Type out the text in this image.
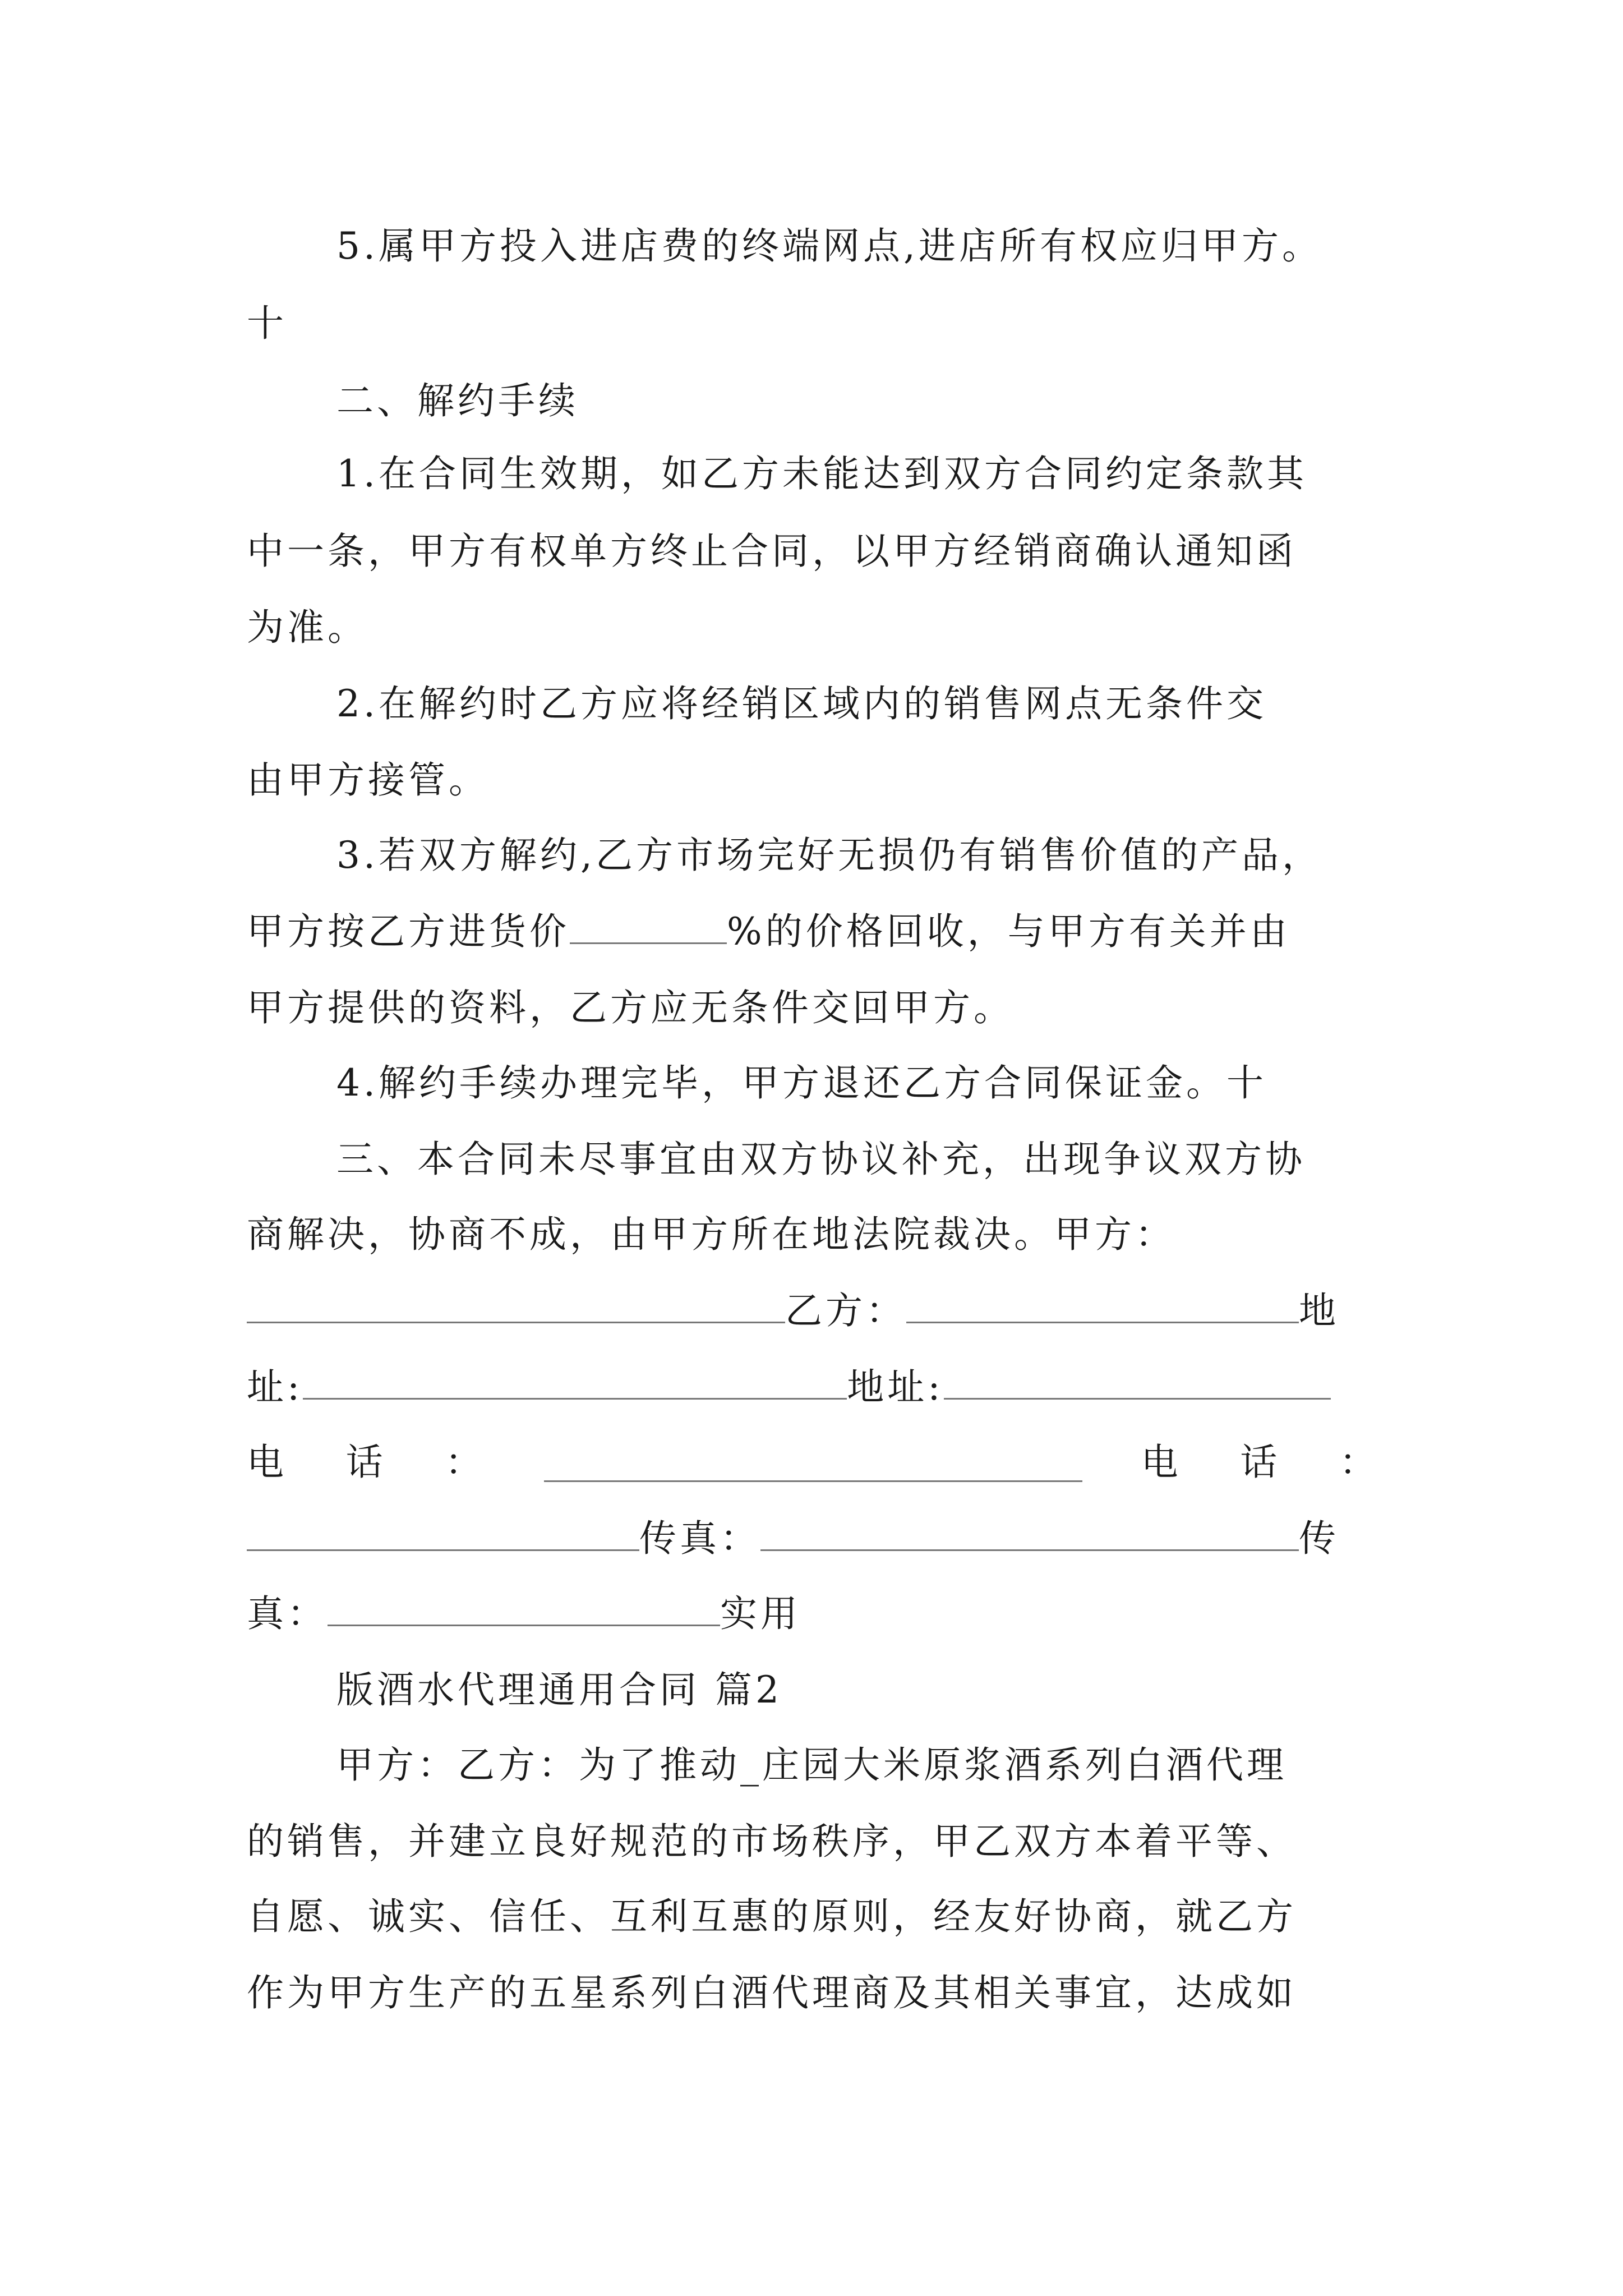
5.属甲方投入进店费的终端网点,进店所有权应归甲方。
十
二、解约手续
1.在合同生效期，如乙方未能达到双方合同约定条款其
中一条，甲方有权单方终止合同，以甲方经销商确认通知函
为准。
2.在解约时乙方应将经销区域内的销售网点无条件交
由甲方接管。
3.若双方解约,乙方市场完好无损仍有销售价值的产品，
甲方按乙方进货价	%的价格回收，与甲方有关并由
甲方提供的资料，乙方应无条件交回甲方。
4.解约手续办理完毕，甲方退还乙方合同保证金。十
三、本合同未尽事宜由双方协议补充，出现争议双方协
商解决，协商不成，由甲方所在地法院裁决。甲方：
乙方：	地
址:	地址:
电 话 ：	电 话 ：
传真：	传
真：	实用
版酒水代理通用合同 篇2
甲方：乙方：为了推动_庄园大米原浆酒系列白酒代理
的销售，并建立良好规范的市场秩序，甲乙双方本着平等、
自愿、诚实、信任、互利互惠的原则，经友好协商，就乙方
作为甲方生产的五星系列白酒代理商及其相关事宜，达成如
